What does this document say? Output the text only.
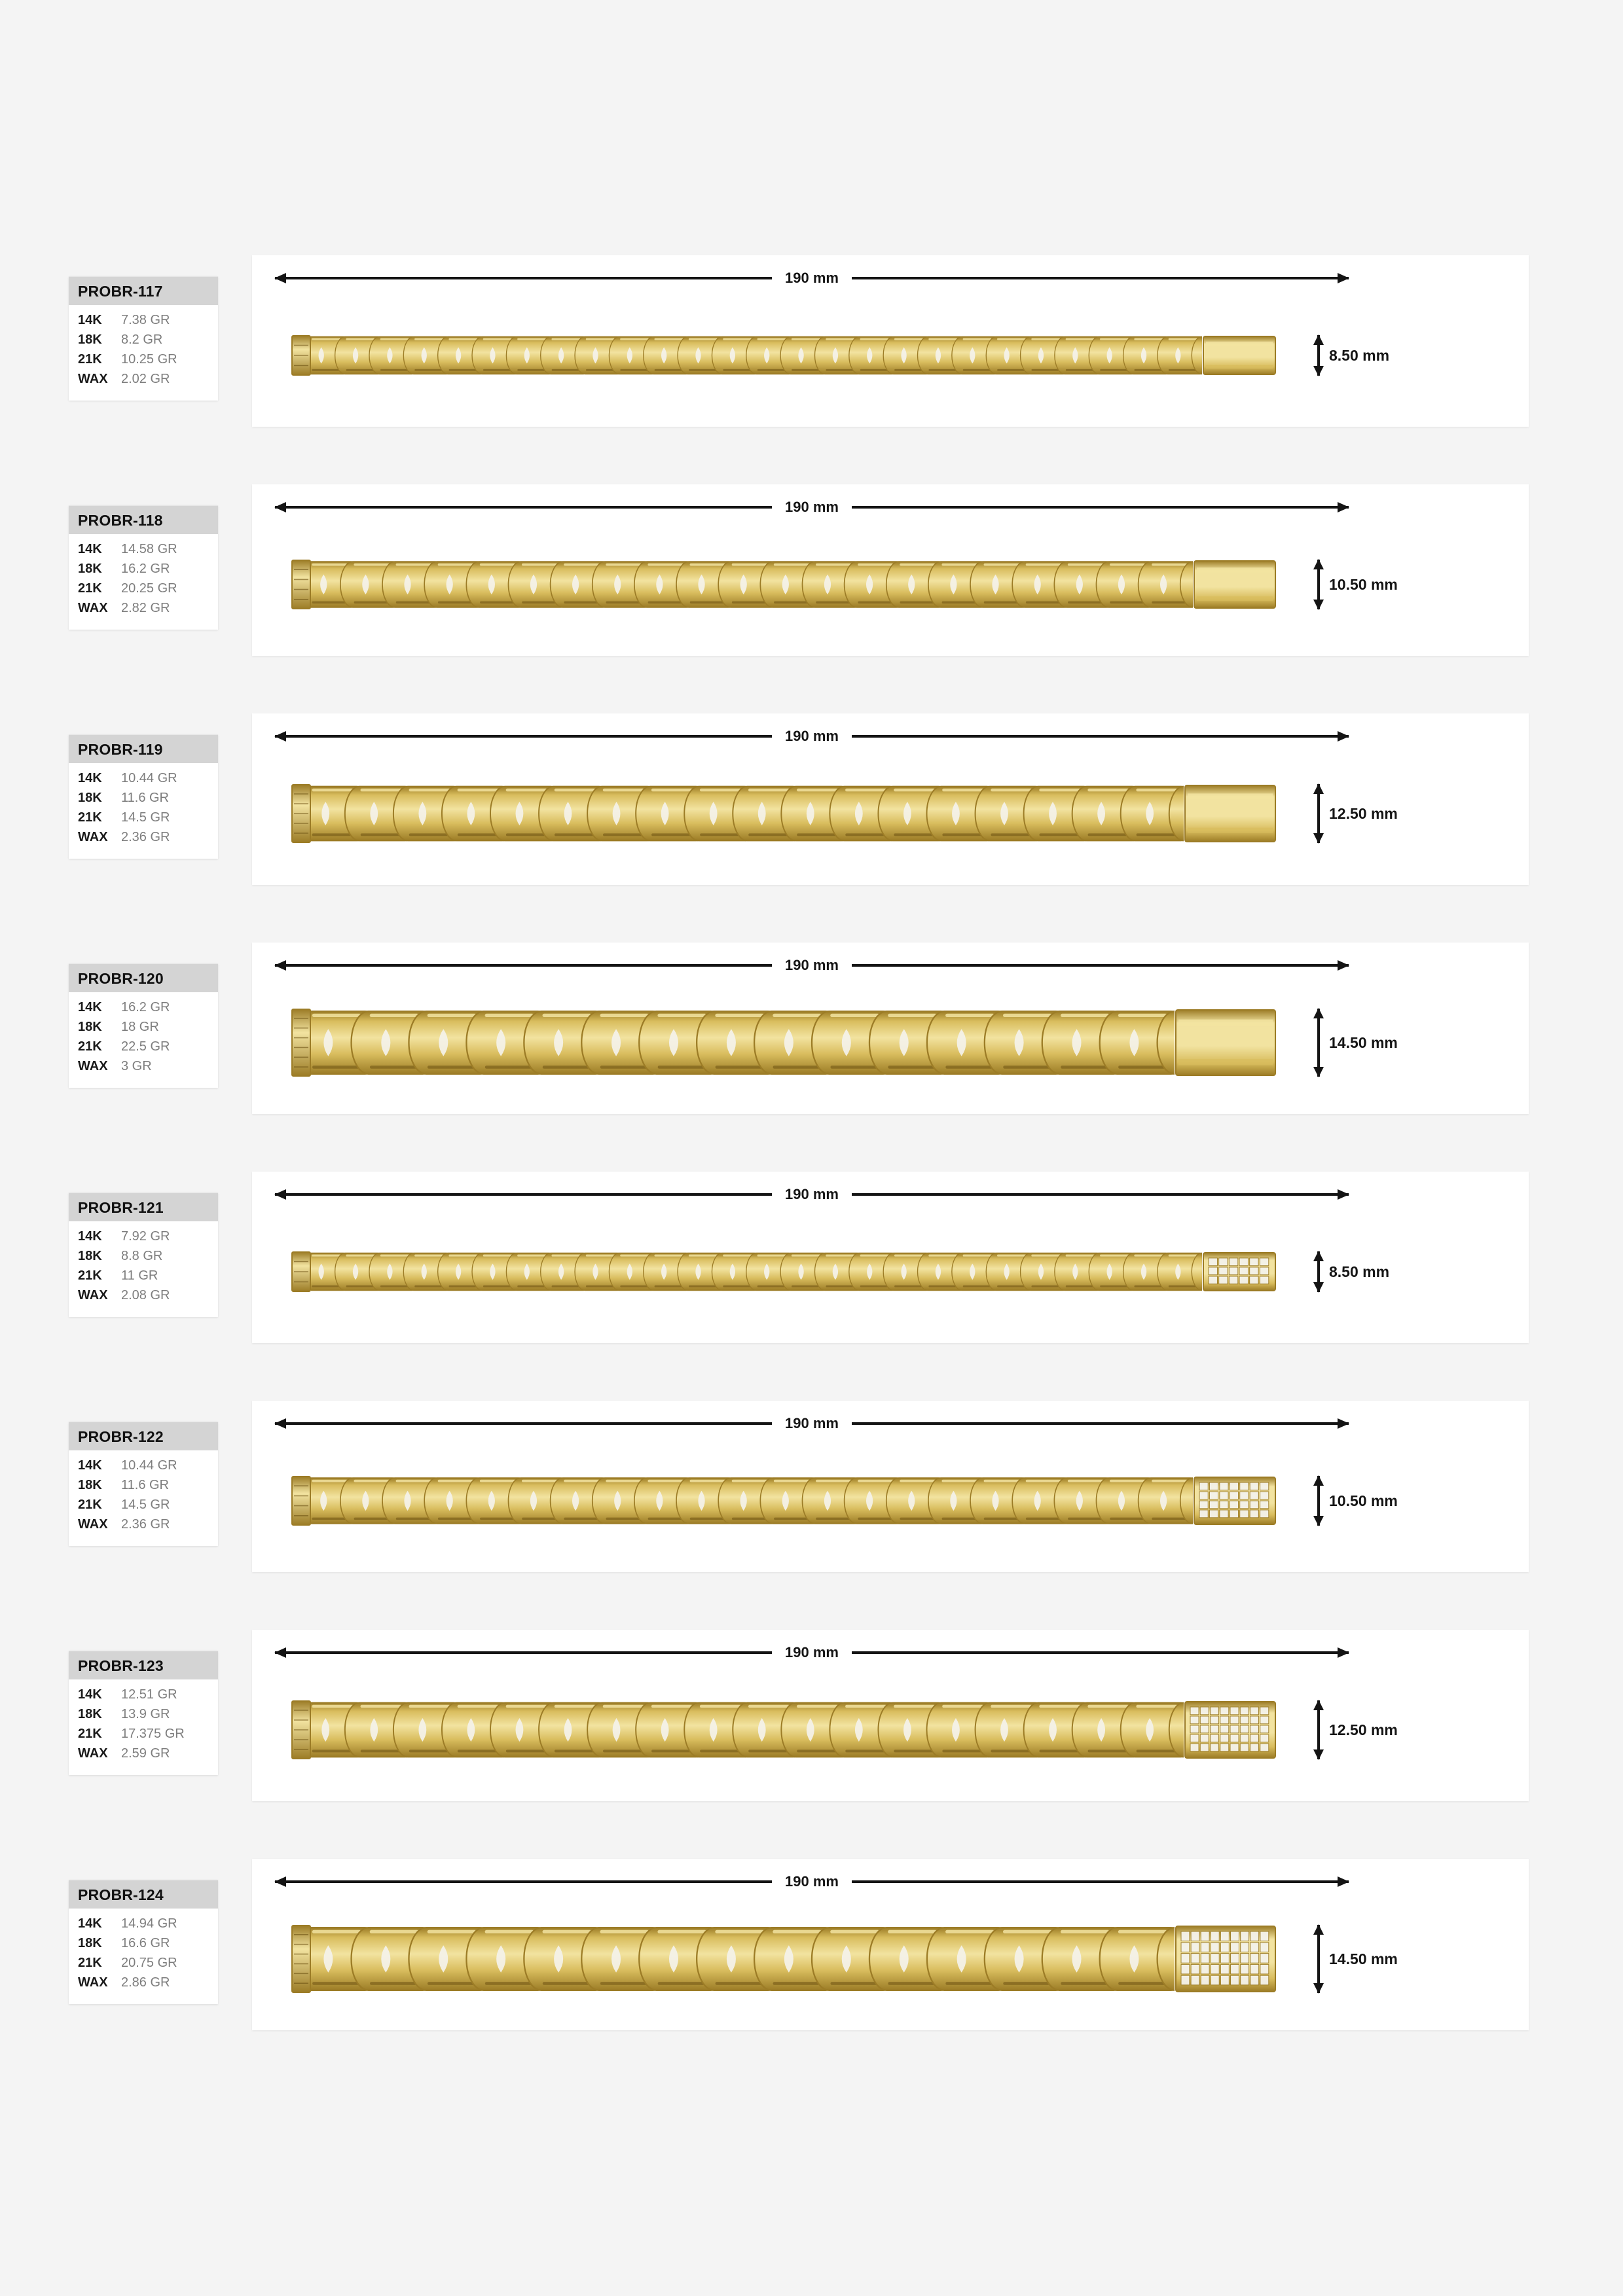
PROBR-117
14K	7.38 GR
18K	8.2 GR
21K	10.25 GR
WAX	2.02 GR
190 mm
8.50 mm
PROBR-118
14K	14.58 GR
18K	16.2 GR
21K	20.25 GR
WAX	2.82 GR
190 mm
10.50 mm
PROBR-119
14K	10.44 GR
18K	11.6 GR
21K	14.5 GR
WAX	2.36 GR
190 mm
12.50 mm
PROBR-120
14K	16.2 GR
18K	18 GR
21K	22.5 GR
WAX	3 GR
190 mm
14.50 mm
PROBR-121
14K	7.92 GR
18K	8.8 GR
21K	11 GR
WAX	2.08 GR
190 mm
8.50 mm
PROBR-122
14K	10.44 GR
18K	11.6 GR
21K	14.5 GR
WAX	2.36 GR
190 mm
10.50 mm
PROBR-123
14K	12.51 GR
18K	13.9 GR
21K	17.375 GR
WAX	2.59 GR
190 mm
12.50 mm
PROBR-124
14K	14.94 GR
18K	16.6 GR
21K	20.75 GR
WAX	2.86 GR
190 mm
14.50 mm
